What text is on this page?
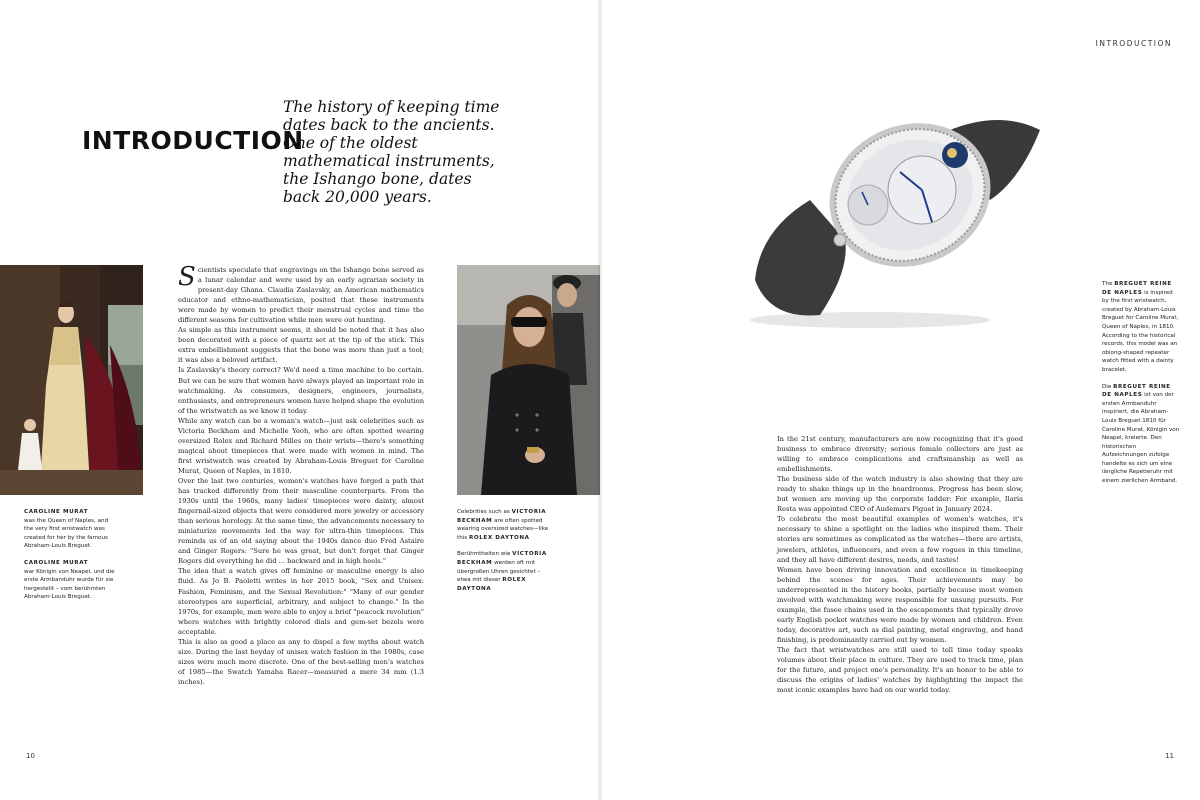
INTRODUCTION
The history of keeping time dates back to the ancients. One of the oldest mathematical instruments, the Ishango bone, dates back 20,000 years.

CAROLINE MURAT
was the Queen of Naples, and the very first wristwatch was created for her by the famous Abraham-Louis Breguet.

CAROLINE MURAT
war Königin von Neapel, und die erste Armbanduhr wurde für sie hergestellt – vom berühmten Abraham-Louis Breguet.

Scientists speculate that engravings on the Ishango bone served as a lunar calendar and were used by an early agrarian society in present-day Ghana. Claudia Zaslavsky, an American mathematics educator and ethno-mathematician, posited that these instruments were made by women to predict their menstrual cycles and time the different seasons for cultivation while men were out hunting.

As simple as this instrument seems, it should be noted that it has also been decorated with a piece of quartz set at the tip of the stick. This extra embellishment suggests that the bone was more than just a tool; it was also a beloved artifact.

Is Zaslavsky's theory correct? We'd need a time machine to be certain. But we can be sure that women have always played an important role in watchmaking. As consumers, designers, engineers, journalists, enthusiasts, and entrepreneurs women have helped shape the evolution of the wristwatch as we know it today.

While any watch can be a woman's watch—just ask celebrities such as Victoria Beckham and Michelle Yeoh, who are often spotted wearing oversized Rolex and Richard Milles on their wrists—there's something magical about timepieces that were made with women in mind. The first wristwatch was created by Abraham-Louis Breguet for Caroline Murat, Queen of Naples, in 1810.

Over the last two centuries, women's watches have forged a path that has tracked differently from their masculine counterparts. From the 1930s until the 1960s, many ladies' timepieces were dainty, almost fingernail-sized objects that were considered more jewelry or accessory than serious horology. At the same time, the advancements necessary to miniaturize movements led the way for ultra-thin timepieces. This reminds us of an old saying about the 1940s dance duo Fred Astaire and Ginger Rogers: "Sure he was great, but don't forget that Ginger Rogers did everything he did ... backward and in high heels."

The idea that a watch gives off feminine or masculine energy is also fluid. As Jo B. Paoletti writes in her 2015 book, "Sex and Unisex: Fashion, Feminism, and the Sexual Revolution:" "Many of our gender stereotypes are superficial, arbitrary, and subject to change." In the 1970s, for example, men were able to enjoy a brief "peacock revolution" where watches with brightly colored dials and gem-set bezels were acceptable.

This is also as good a place as any to dispel a few myths about watch size. During the last heyday of unisex watch fashion in the 1980s, case sizes were much more discrete. One of the best-selling men's watches of 1985—the Swatch Yamaha Racer—measured a mere 34 mm (1.3 inches).

Celebrities such as VICTORIA BECKHAM are often spotted wearing oversized watches—like this ROLEX DAYTONA

Berühmtheiten wie VICTORIA BECKHAM werden oft mit übergroßen Uhren gesichtet – etwa mit dieser ROLEX DAYTONA

10
INTRODUCTION

The BREGUET REINE DE NAPLES is inspired by the first wristwatch, created by Abraham-Louis Breguet for Caroline Murat, Queen of Naples, in 1810. According to the historical records, this model was an oblong-shaped repeater watch fitted with a dainty bracelet.

Die BREGUET REINE DE NAPLES ist von der ersten Armbanduhr inspiriert, die Abraham-Louis Breguet 1810 für Caroline Murat, Königin von Neapel, kreierte. Den historischen Aufzeichnungen zufolge handelte es sich um eine längliche Repetieruhr mit einem zierlichen Armband.

In the 21st century, manufacturers are now recognizing that it's good business to embrace diversity; serious female collectors are just as willing to embrace complications and craftsmanship as well as embellishments.

The business side of the watch industry is also showing that they are ready to shake things up in the boardrooms. Progress has been slow, but women are moving up the corporate ladder: For example, Ilaria Resta was appointed CEO of Audemars Piguet in January 2024.

To celebrate the most beautiful examples of women's watches, it's necessary to shine a spotlight on the ladies who inspired them. Their stories are sometimes as complicated as the watches—there are artists, jewelers, athletes, influencers, and even a few rogues in this timeline, and they all have different desires, needs, and tastes!

Women have been driving innovation and excellence in timekeeping behind the scenes for ages. Their achievements may be underrepresented in the history books, partially because most women involved with watchmaking were responsible for unsung pursuits. For example, the fusee chains used in the escapements that typically drove early English pocket watches were made by women and children. Even today, decorative art, such as dial painting, metal engraving, and hand finishing, is predominantly carried out by women.

The fact that wristwatches are still used to tell time today speaks volumes about their place in culture. They are used to track time, plan for the future, and project one's personality. It's an honor to be able to discuss the origins of ladies' watches by highlighting the impact the most iconic examples have had on our world today.

11
